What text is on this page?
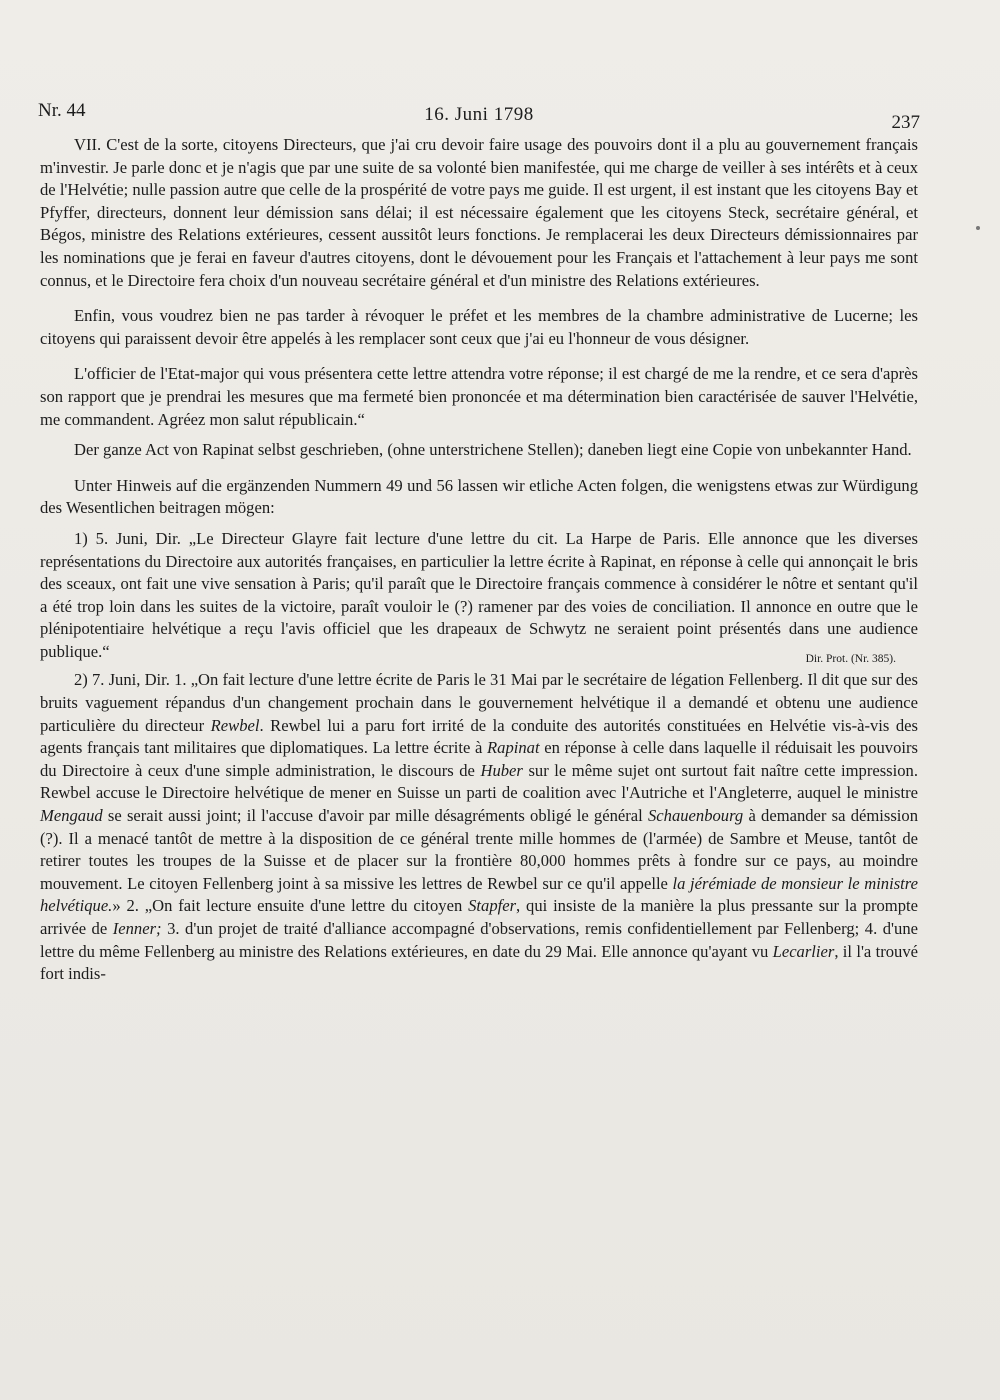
Nr. 44	16. Juni 1798	237

VII. C'est de la sorte, citoyens Directeurs, que j'ai cru devoir faire usage des pouvoirs dont il a plu au gouvernement français m'investir. Je parle donc et je n'agis que par une suite de sa volonté bien manifestée, qui me charge de veiller à ses intérêts et à ceux de l'Helvétie; nulle passion autre que celle de la prospérité de votre pays me guide. Il est urgent, il est instant que les citoyens Bay et Pfyffer, directeurs, donnent leur démission sans délai; il est nécessaire également que les citoyens Steck, secrétaire général, et Bégos, ministre des Relations extérieures, cessent aussitôt leurs fonctions. Je remplacerai les deux Directeurs démissionnaires par les nominations que je ferai en faveur d'autres citoyens, dont le dévouement pour les Français et l'attachement à leur pays me sont connus, et le Directoire fera choix d'un nouveau secrétaire général et d'un ministre des Relations extérieures.

Enfin, vous voudrez bien ne pas tarder à révoquer le préfet et les membres de la chambre administrative de Lucerne; les citoyens qui paraissent devoir être appelés à les remplacer sont ceux que j'ai eu l'honneur de vous désigner.

L'officier de l'Etat-major qui vous présentera cette lettre attendra votre réponse; il est chargé de me la rendre, et ce sera d'après son rapport que je prendrai les mesures que ma fermeté bien prononcée et ma détermination bien caractérisée de sauver l'Helvétie, me commandent. Agréez mon salut républicain.“

Der ganze Act von Rapinat selbst geschrieben, (ohne unterstrichene Stellen); daneben liegt eine Copie von unbekannter Hand.

Unter Hinweis auf die ergänzenden Nummern 49 und 56 lassen wir etliche Acten folgen, die wenigstens etwas zur Würdigung des Wesentlichen beitragen mögen:

1) 5. Juni, Dir. „Le Directeur Glayre fait lecture d'une lettre du cit. La Harpe de Paris. Elle annonce que les diverses représentations du Directoire aux autorités françaises, en particulier la lettre écrite à Rapinat, en réponse à celle qui annonçait le bris des sceaux, ont fait une vive sensation à Paris; qu'il paraît que le Directoire français commence à considérer le nôtre et sentant qu'il a été trop loin dans les suites de la victoire, paraît vouloir le (?) ramener par des voies de conciliation. Il annonce en outre que le plénipotentiaire helvétique a reçu l'avis officiel que les drapeaux de Schwytz ne seraient point présentés dans une audience publique.“	Dir. Prot. (Nr. 385).

2) 7. Juni, Dir. 1. „On fait lecture d'une lettre écrite de Paris le 31 Mai par le secrétaire de légation Fellenberg. Il dit que sur des bruits vaguement répandus d'un changement prochain dans le gouvernement helvétique il a demandé et obtenu une audience particulière du directeur Rewbel. Rewbel lui a paru fort irrité de la conduite des autorités constituées en Helvétie vis-à-vis des agents français tant militaires que diplomatiques. La lettre écrite à Rapinat en réponse à celle dans laquelle il réduisait les pouvoirs du Directoire à ceux d'une simple administration, le discours de Huber sur le même sujet ont surtout fait naître cette impression. Rewbel accuse le Directoire helvétique de mener en Suisse un parti de coalition avec l'Autriche et l'Angleterre, auquel le ministre Mengaud se serait aussi joint; il l'accuse d'avoir par mille désagréments obligé le général Schauenbourg à demander sa démission (?). Il a menacé tantôt de mettre à la disposition de ce général trente mille hommes de (l'armée) de Sambre et Meuse, tantôt de retirer toutes les troupes de la Suisse et de placer sur la frontière 80,000 hommes prêts à fondre sur ce pays, au moindre mouvement. Le citoyen Fellenberg joint à sa missive les lettres de Rewbel sur ce qu'il appelle la jérémiade de monsieur le ministre helvétique.» 2. „On fait lecture ensuite d'une lettre du citoyen Stapfer, qui insiste de la manière la plus pressante sur la prompte arrivée de Ienner; 3. d'un projet de traité d'alliance accompagné d'observations, remis confidentiellement par Fellenberg; 4. d'une lettre du même Fellenberg au ministre des Relations extérieures, en date du 29 Mai. Elle annonce qu'ayant vu Lecarlier, il l'a trouvé fort indis-
